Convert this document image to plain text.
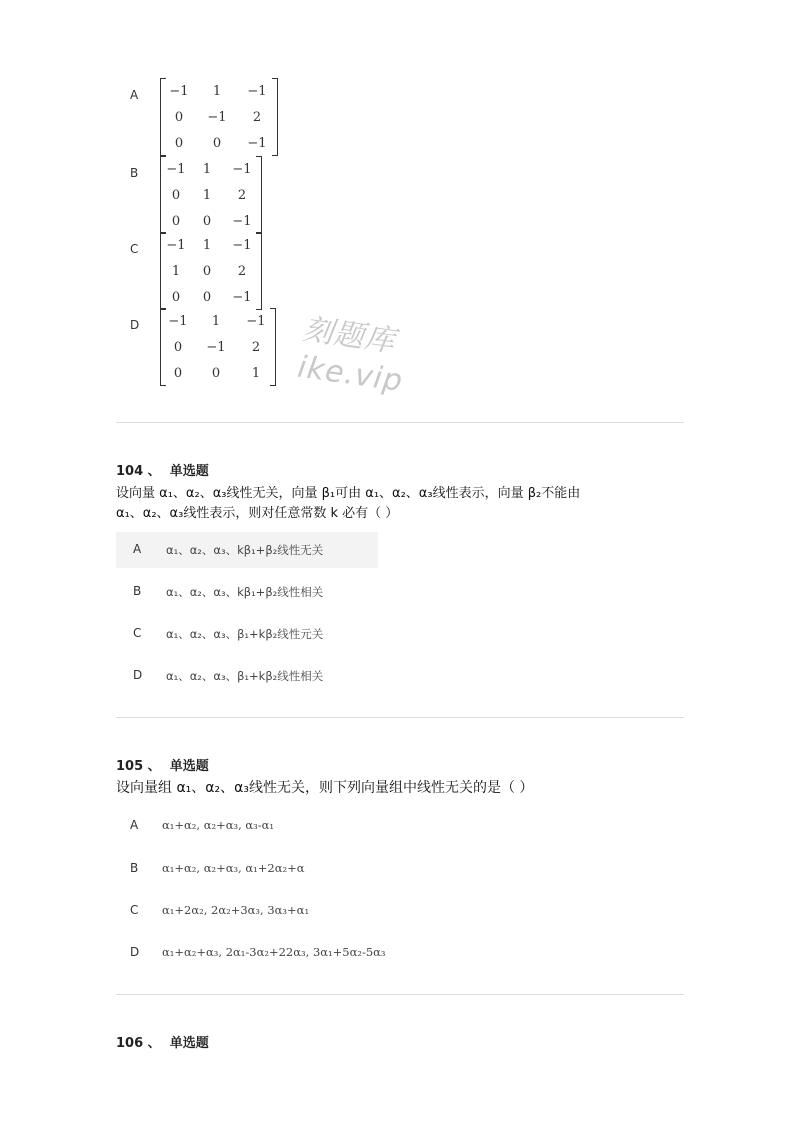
A	−1	1	−1
0	−1	2
0	0	−1
B	−1	1	−1
0	1	2
0	0	−1
C	−1	1	−1
1	0	2
0	0	−1
D	−1	1	−1
0	−1	2
0	0	1
刻题库
ike.vip
104 、 单选题
设向量 α₁、α₂、α₃线性无关，向量 β₁可由 α₁、α₂、α₃线性表示，向量 β₂不能由
α₁、α₂、α₃线性表示，则对任意常数 k 必有（ ）
A α₁、α₂、α₃、kβ₁+β₂线性无关
B α₁、α₂、α₃、kβ₁+β₂线性相关
C α₁、α₂、α₃、β₁+kβ₂线性元关
D α₁、α₂、α₃、β₁+kβ₂线性相关
105 、 单选题
设向量组 α₁、α₂、α₃线性无关，则下列向量组中线性无关的是（ ）
A α₁+α₂, α₂+α₃, α₃-α₁
B α₁+α₂, α₂+α₃, α₁+2α₂+α
C α₁+2α₂, 2α₂+3α₃, 3α₃+α₁
D α₁+α₂+α₃, 2α₁-3α₂+22α₃, 3α₁+5α₂-5α₃
106 、 单选题
